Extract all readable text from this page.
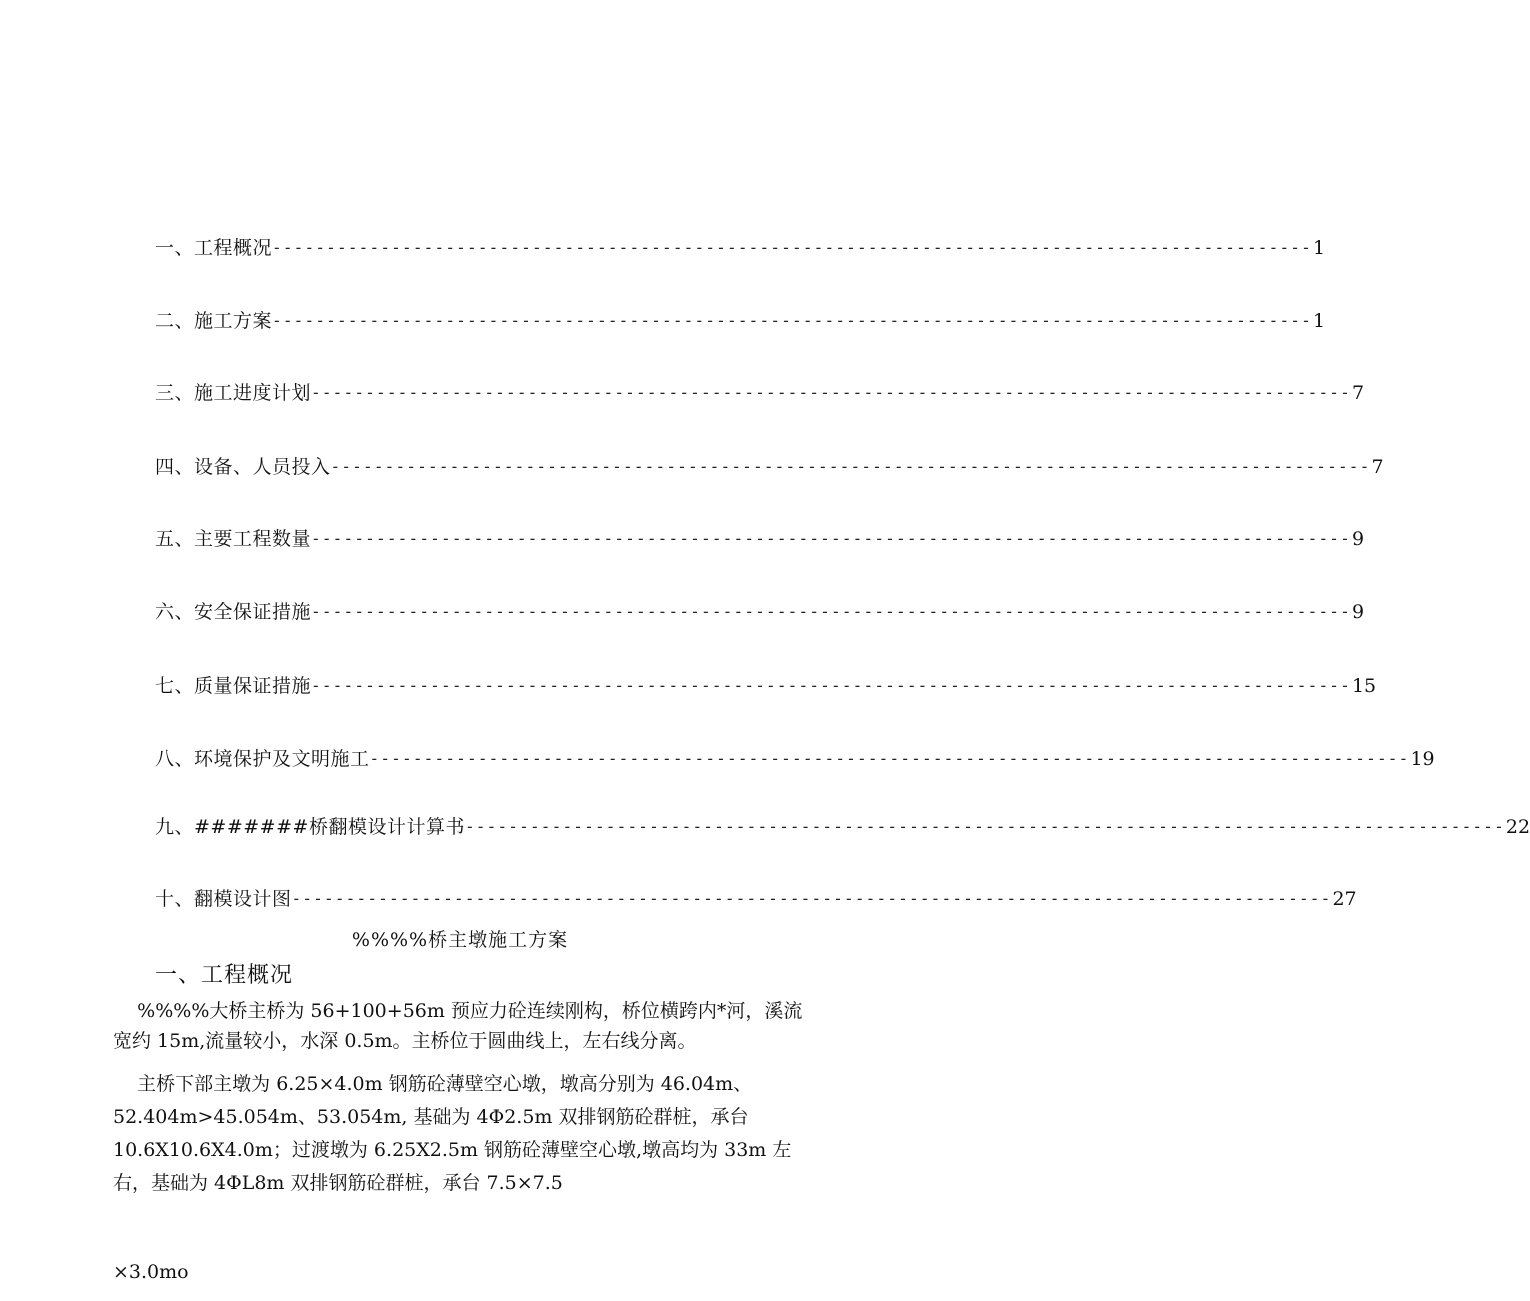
一、工程概况 ------------------------------------------------------------------------------------------------ 1
二、施工方案 ------------------------------------------------------------------------------------------------ 1
三、施工进度计划 ------------------------------------------------------------------------------------------------ 7
四、设备、人员投入 ------------------------------------------------------------------------------------------------ 7
五、主要工程数量 ------------------------------------------------------------------------------------------------ 9
六、安全保证措施 ------------------------------------------------------------------------------------------------ 9
七、质量保证措施 ------------------------------------------------------------------------------------------------ 15
八、环境保护及文明施工 ------------------------------------------------------------------------------------------------ 19
九、#######桥翻模设计计算书 ------------------------------------------------------------------------------------------------ 22
十、翻模设计图 ------------------------------------------------------------------------------------------------ 27
%%%%桥主墩施工方案
一、工程概况
%%%%大桥主桥为 56+100+56m 预应力砼连续刚构，桥位横跨内*河，溪流
宽约 15m,流量较小，水深 0.5m。主桥位于圆曲线上，左右线分离。
主桥下部主墩为 6.25×4.0m 钢筋砼薄壁空心墩，墩高分别为 46.04m、
52.404m>45.054m、53.054m, 基础为 4Φ2.5m 双排钢筋砼群桩，承台
10.6X10.6X4.0m；过渡墩为 6.25X2.5m 钢筋砼薄壁空心墩,墩高均为 33m 左
右，基础为 4ΦL8m 双排钢筋砼群桩，承台 7.5×7.5
×3.0mo
